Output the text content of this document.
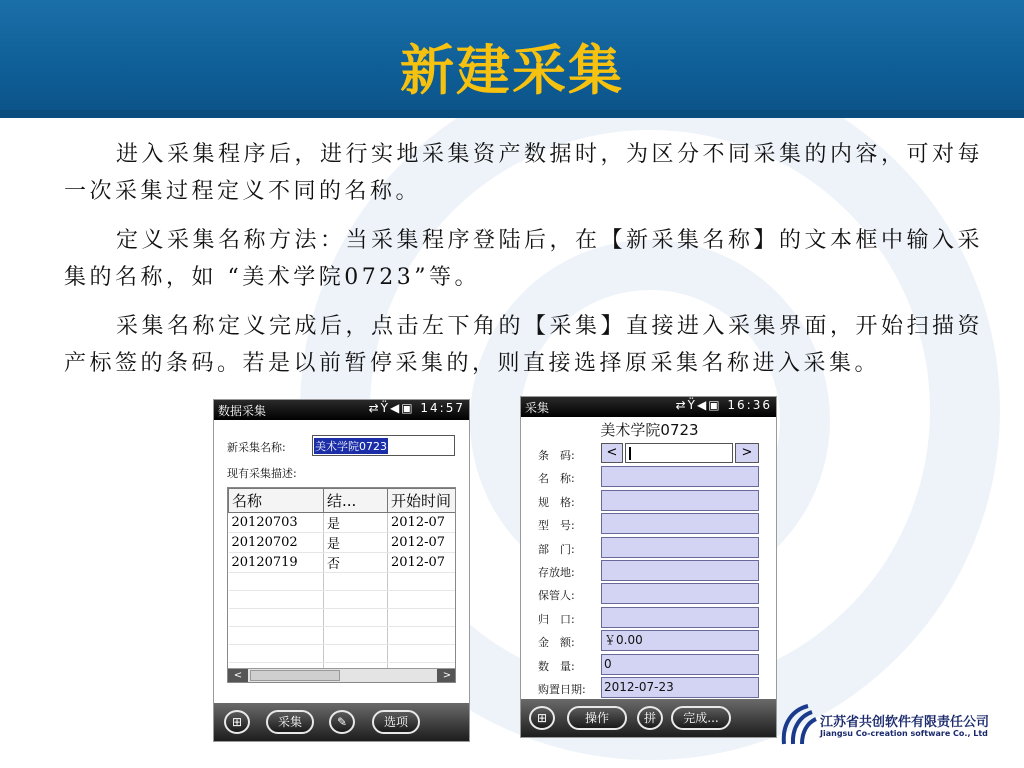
新建采集
进入采集程序后，进行实地采集资产数据时，为区分不同采集的内容，可对每一次采集过程定义不同的名称。
定义采集名称方法：当采集程序登陆后，在【新采集名称】的文本框中输入采集的名称，如 “美术学院0723”等。
采集名称定义完成后，点击左下角的【采集】直接进入采集界面，开始扫描资产标签的条码。若是以前暂停采集的，则直接选择原采集名称进入采集。
数据采集	⇄Ÿ◀▣ 14:57
新采集名称:	美术学院0723
现有采集描述:
名称	结...	开始时间
20120703	是	2012-07
20120702	是	2012-07
20120719	否	2012-07

<	>
⊞	采集	✎	选项
采集	⇄Ÿ◀▣ 16:36
美术学院0723
条　码:	<	>
名　称:
规　格:
型　号:
部　门:
存放地:
保管人:
归　口:
金　额: ￥0.00
数　量: 0
购置日期: 2012-07-23
⊞	操作	拼	完成...	江苏省共创软件有限责任公司
Jiangsu Co-creation software Co., Ltd
